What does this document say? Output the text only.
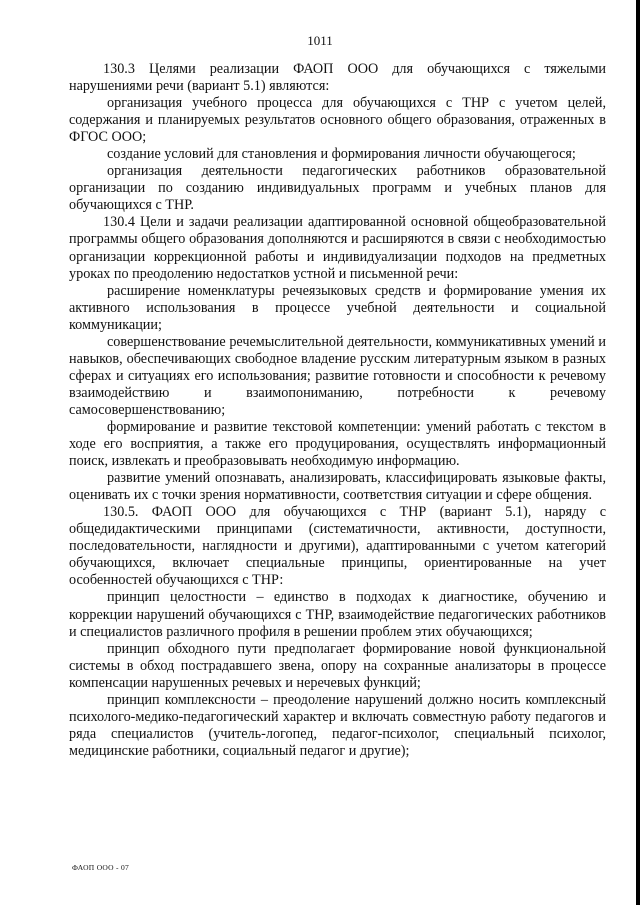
1011

130.3 Целями реализации ФАОП ООО для обучающихся с тяжелыми нарушениями речи (вариант 5.1) являются:

организация учебного процесса для обучающихся с ТНР с учетом целей, содержания и планируемых результатов основного общего образования, отраженных в ФГОС ООО;

создание условий для становления и формирования личности обучающегося;

организация деятельности педагогических работников образовательной организации по созданию индивидуальных программ и учебных планов для обучающихся с ТНР.

130.4 Цели и задачи реализации адаптированной основной общеобразовательной программы общего образования дополняются и расширяются в связи с необходимостью организации коррекционной работы и индивидуализации подходов на предметных уроках по преодолению недостатков устной и письменной речи:

расширение номенклатуры речеязыковых средств и формирование умения их активного использования в процессе учебной деятельности и социальной коммуникации;

совершенствование речемыслительной деятельности, коммуникативных умений и навыков, обеспечивающих свободное владение русским литературным языком в разных сферах и ситуациях его использования; развитие готовности и способности к речевому взаимодействию и взаимопониманию, потребности к речевому самосовершенствованию;

формирование и развитие текстовой компетенции: умений работать с текстом в ходе его восприятия, а также его продуцирования, осуществлять информационный поиск, извлекать и преобразовывать необходимую информацию.

развитие умений опознавать, анализировать, классифицировать языковые факты, оценивать их с точки зрения нормативности, соответствия ситуации и сфере общения.

130.5. ФАОП ООО для обучающихся с ТНР (вариант 5.1), наряду с общедидактическими принципами (систематичности, активности, доступности, последовательности, наглядности и другими), адаптированными с учетом категорий обучающихся, включает специальные принципы, ориентированные на учет особенностей обучающихся с ТНР:

принцип целостности – единство в подходах к диагностике, обучению и коррекции нарушений обучающихся с ТНР, взаимодействие педагогических работников и специалистов различного профиля в решении проблем этих обучающихся;

принцип обходного пути предполагает формирование новой функциональной системы в обход пострадавшего звена, опору на сохранные анализаторы в процессе компенсации нарушенных речевых и неречевых функций;

принцип комплексности – преодоление нарушений должно носить комплексный психолого-медико-педагогический характер и включать совместную работу педагогов и ряда специалистов (учитель-логопед, педагог-психолог, специальный психолог, медицинские работники, социальный педагог и другие);

ФАОП ООО - 07
